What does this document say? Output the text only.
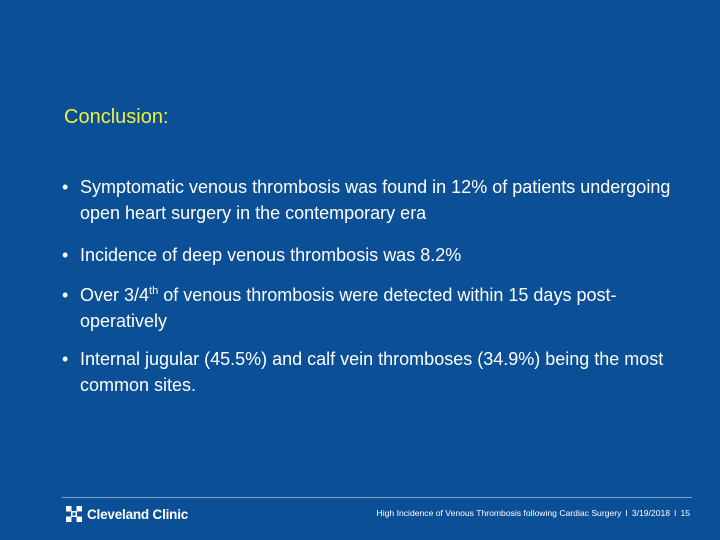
Conclusion:
• Symptomatic venous thrombosis was found in 12% of patients undergoing open heart surgery in the contemporary era
• Incidence of deep venous thrombosis was 8.2%
• Over 3/4th of venous thrombosis were detected within 15 days post-operatively
• Internal jugular (45.5%) and calf vein thromboses (34.9%) being the most common sites.
Cleveland Clinic	High Incidence of Venous Thrombosis following Cardiac Surgery I 3/19/2018 I 15
